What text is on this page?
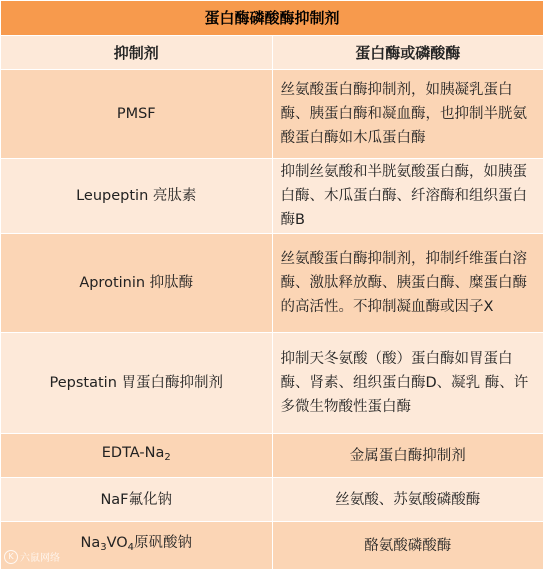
蛋白酶磷酸酶抑制剂	
抑制剂	蛋白酶或磷酸酶
PMSF	丝氨酸蛋白酶抑制剂，如胰凝乳蛋白酶、胰蛋白酶和凝血酶，也抑制半胱氨酸蛋白酶如木瓜蛋白酶
Leupeptin 亮肽素	抑制丝氨酸和半胱氨酸蛋白酶，如胰蛋白酶、木瓜蛋白酶、纤溶酶和组织蛋白酶B
Aprotinin 抑肽酶	丝氨酸蛋白酶抑制剂，抑制纤维蛋白溶酶、激肽释放酶、胰蛋白酶、糜蛋白酶的高活性。不抑制凝血酶或因子X
Pepstatin 胃蛋白酶抑制剂	抑制天冬氨酸（酸）蛋白酶如胃蛋白酶、肾素、组织蛋白酶D、凝乳 酶、许多微生物酸性蛋白酶
EDTA-$Na_2$	金属蛋白酶抑制剂
NaF氟化钠	丝氨酸、苏氨酸磷酸酶
$Na_3VO_4$原矾酸钠	酪氨酸磷酸酶
K 六鼠网络
